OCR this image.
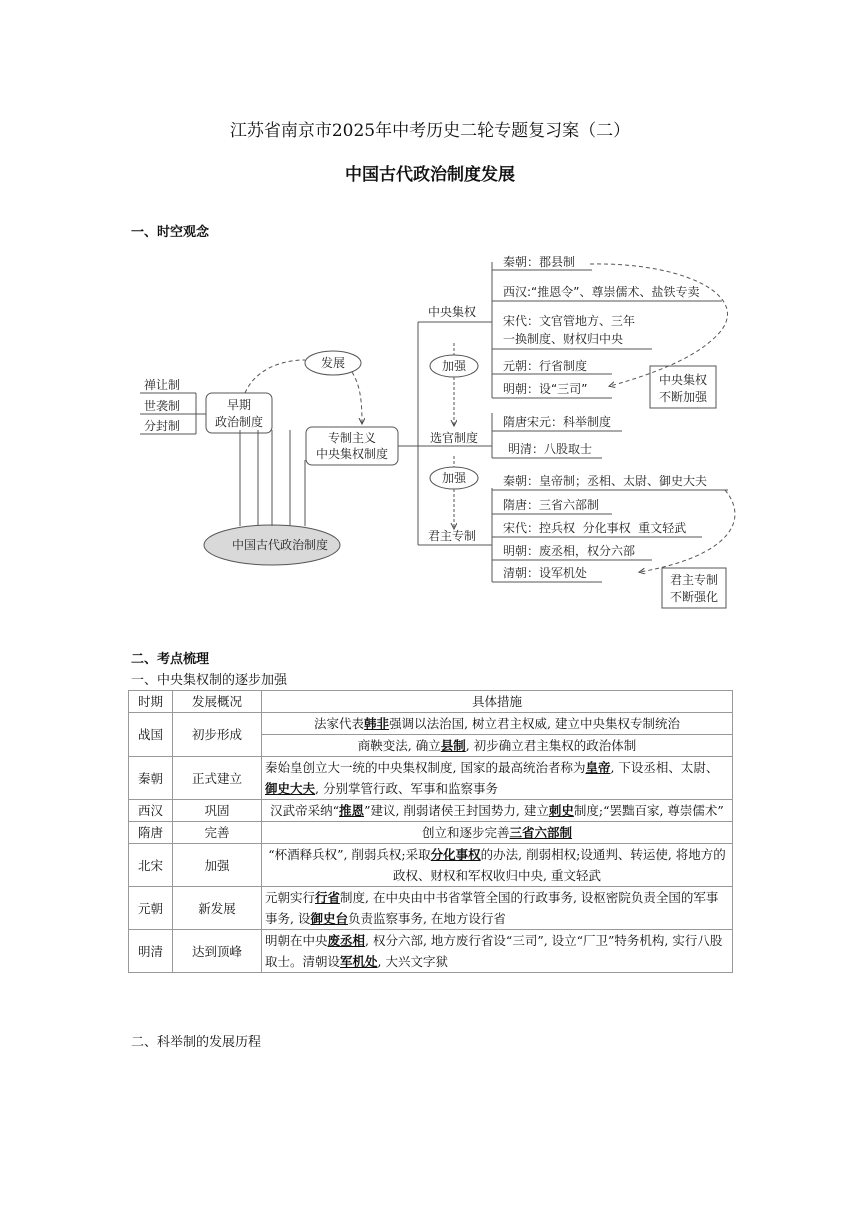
江苏省南京市2025年中考历史二轮专题复习案（二）
中国古代政治制度发展
一、时空观念
禅让制
世袭制
分封制
早期
政治制度
发展
专制主义
中央集权制度
中国古代政治制度
中央集权
选官制度
君主专制
加强
加强
秦朝：郡县制
西汉:“推恩令”、尊崇儒术、盐铁专卖
宋代：文官管地方、三年
一换制度、财权归中央
元朝：行省制度
明朝：设“三司”
中央集权
不断加强
隋唐宋元：科举制度
明清：八股取士
秦朝：皇帝制；丞相、太尉、御史大夫
隋唐：三省六部制
宋代：控兵权  分化事权  重文轻武
明朝：废丞相，权分六部
清朝：设军机处	君主专制
不断强化
二、考点梳理
一、中央集权制的逐步加强
时期	发展概况	具体措施
战国	初步形成	法家代表韩非强调以法治国, 树立君主权威, 建立中央集权专制统治
		商鞅变法, 确立县制, 初步确立君主集权的政治体制
秦朝	正式建立	秦始皇创立大一统的中央集权制度, 国家的最高统治者称为皇帝, 下设丞相、太尉、御史大夫, 分别掌管行政、军事和监察事务
西汉	巩固	汉武帝采纳“推恩”建议, 削弱诸侯王封国势力, 建立刺史制度;“罢黜百家, 尊崇儒术”
隋唐	完善	创立和逐步完善三省六部制
北宋	加强	“杯酒释兵权”, 削弱兵权;采取分化事权的办法, 削弱相权;设通判、转运使, 将地方的政权、财权和军权收归中央, 重文轻武
元朝	新发展	元朝实行行省制度, 在中央由中书省掌管全国的行政事务, 设枢密院负责全国的军事事务, 设御史台负责监察事务, 在地方设行省
明清	达到顶峰	明朝在中央废丞相, 权分六部, 地方废行省设“三司”, 设立“厂卫”特务机构, 实行八股取士。清朝设军机处, 大兴文字狱
二、科举制的发展历程
